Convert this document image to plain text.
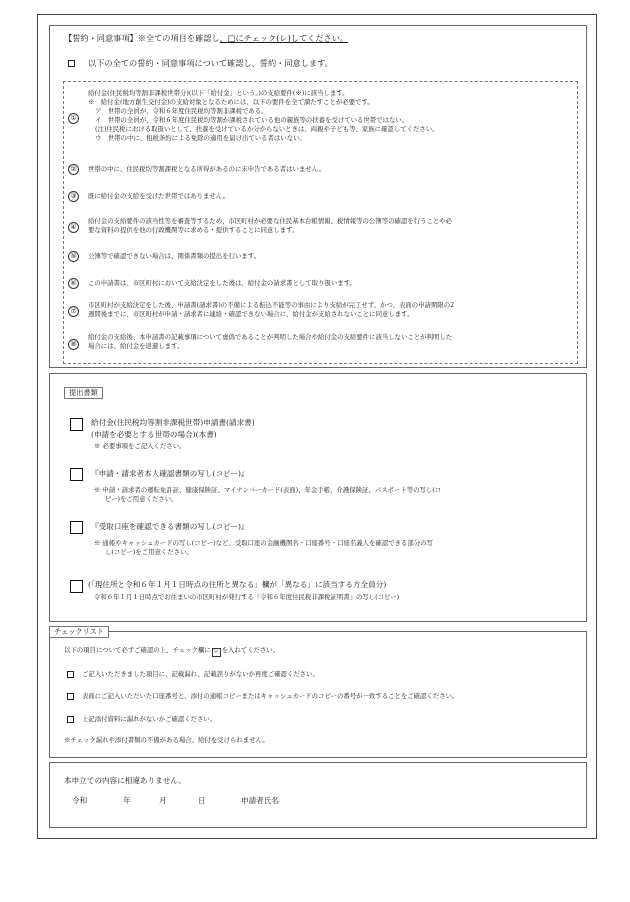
【誓約・同意事項】※全ての項目を確認し、□にチェック(レ)してください。
以下の全ての誓約・同意事項について確認し、誓約・同意します。
①
給付金(住民税均等割非課税世帯分)(以下「給付金」という。)の支給要件(※)に該当します。
※　給付金(地方創生交付金)の支給対象となるためには、以下の要件を全て満たすことが必要です。
ア　世帯の全員が、令和６年度住民税均等割非課税である。
イ　世帯の全員が、令和６年度住民税均等割が課税されている他の親族等の扶養を受けている世帯ではない。
(注)住民税における取扱いとして、扶養を受けているか分からないときは、両親や子ども等、家族に確認してください。
ウ　世帯の中に、租税条約による免除の適用を届け出ている者はいない。
②	世帯の中に、住民税均等割課税となる所得があるのに未申告である者はいません。
③	既に給付金の支給を受けた世帯ではありません。
④
給付金の支給要件の該当性等を審査等するため、市区町村が必要な住民基本台帳情報、税情報等の公簿等の確認を行うことや必
要な資料の提供を他の行政機関等に求める・提供することに同意します。
⑤	公簿等で確認できない場合は、関係書類の提出を行います。
⑥	この申請書は、市区町村において支給決定をした後は、給付金の請求書として取り扱います。
⑦
市区町村が支給決定をした後、申請書(請求書)の不備による振込不能等の事由により支給が完了せず、かつ、表面の申請期限の2
週間後までに、市区町村が申請・請求者に連絡・確認できない場合に、給付金が支給されないことに同意します。
⑧
給付金の支給後、本申請書の記載事項について虚偽であることが判明した場合や給付金の支給要件に該当しないことが判明した
場合には、給付金を返還します。
提出書類
給付金(住民税均等割非課税世帯)申請書(請求書)
(申請を必要とする世帯の場合)(本書)
※ 必要事項をご記入ください。
『申請・請求者本人確認書類の写し(コピー)』
※ 申請・請求者の運転免許証、健康保険証、マイナンバーカード(表面)、年金手帳、介護保険証、パスポート等の写し(コ
ピー)をご用意ください。
『受取口座を確認できる書類の写し(コピー)』
※ 通帳やキャッシュカードの写し(コピー)など、受取口座の金融機関名・口座番号・口座名義人を確認できる部分の写
し(コピー)をご用意ください。
(「現住所と令和６年１月１日時点の住所と異なる」欄が「異なる」に該当する方全員分)
令和６年１月１日時点でお住まいの市区町村が発行する『令和６年度住民税非課税証明書』の写し(コピー)
チェックリスト
以下の項目について必ずご確認の上、チェック欄に レ を入れてください。
ご記入いただきました項目に、記載漏れ、記載誤りがないか再度ご確認ください。
表面にご記入いただいた口座番号と、添付の通帳コピーまたはキャッシュカードのコピーの番号が一致することをご確認ください。
上記添付資料に漏れがないかご確認ください。
※チェック漏れや添付書類の不備がある場合、給付を受けられません。
本申立ての内容に相違ありません。
令和	年	月	日	申請者氏名
